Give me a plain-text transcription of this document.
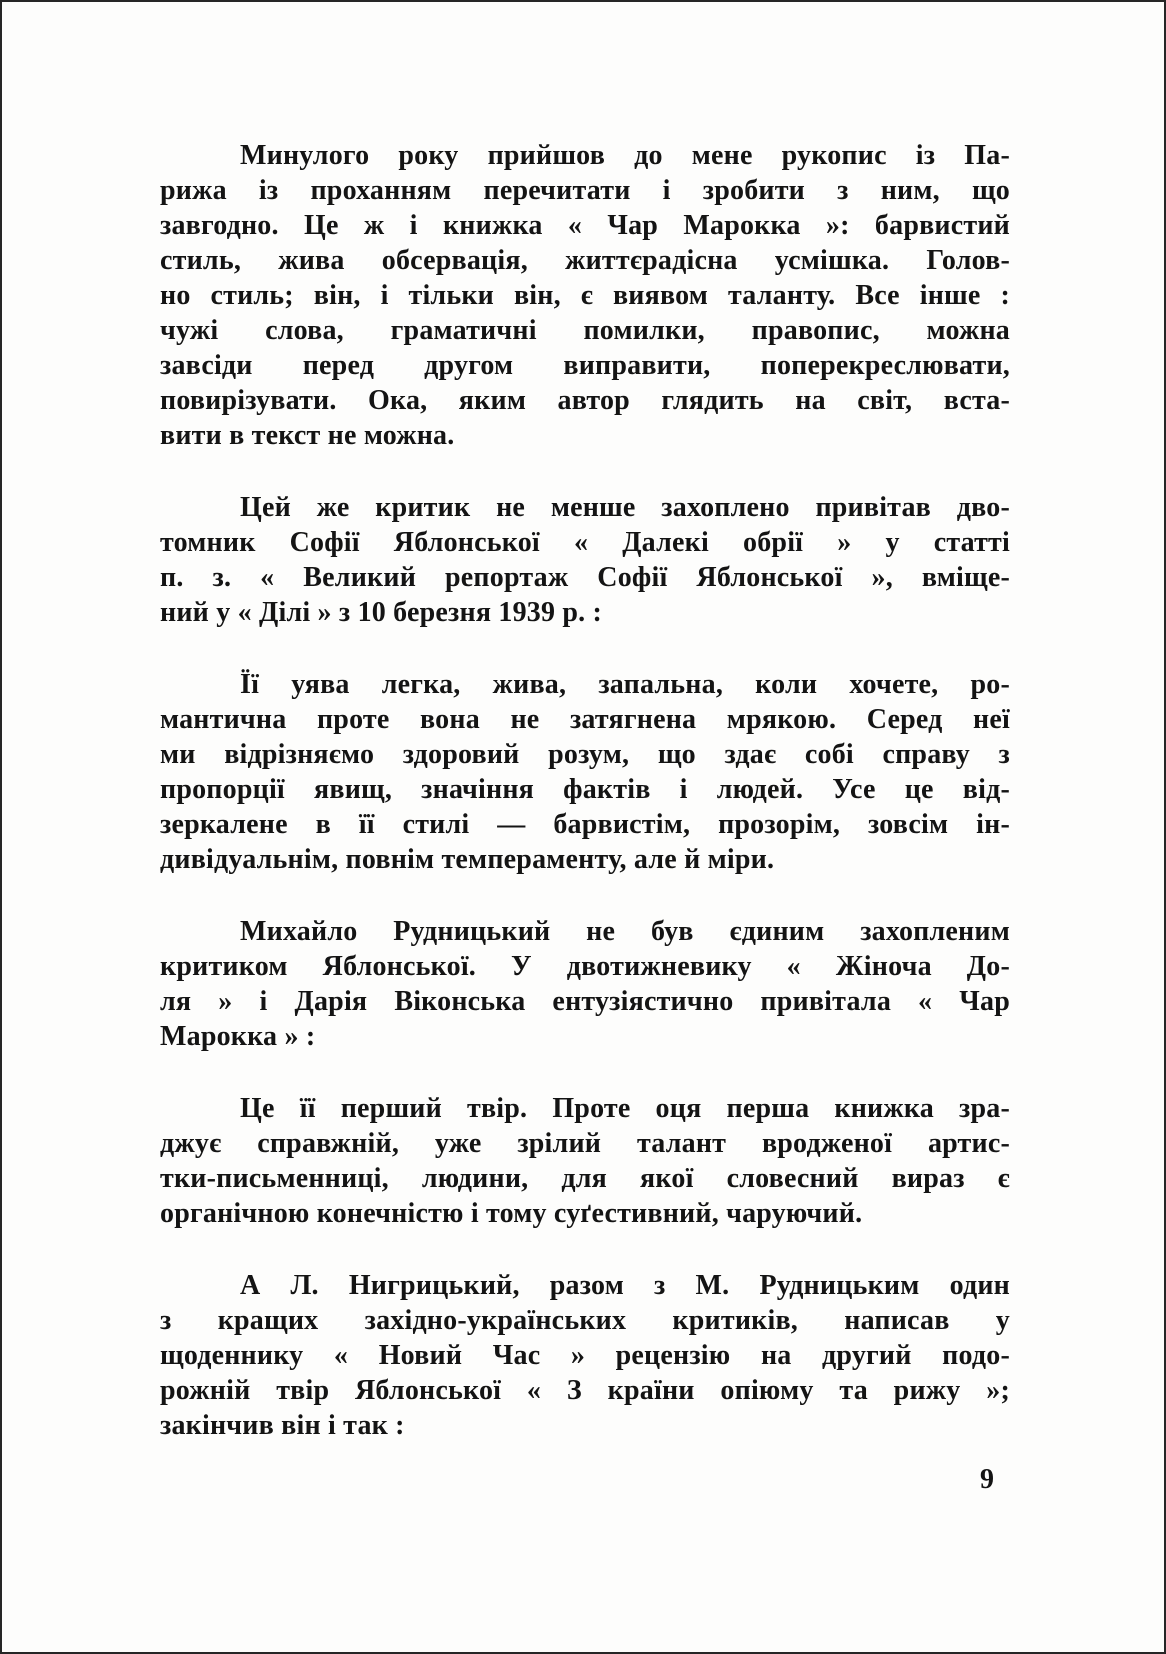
Минулого року прийшов до мене рукопис із Па-
рижа із проханням перечитати і зробити з ним, що
завгодно. Це ж і книжка « Чар Марокка »: барвистий
стиль, жива обсервація, життєрадісна усмішка. Голов-
но стиль; він, і тільки він, є виявом таланту. Все інше :
чужі слова, граматичні помилки, правопис, можна
завсіди перед другом виправити, поперекреслювати,
повирізувати. Ока, яким автор глядить на світ, вста-
вити в текст не можна.

Цей же критик не менше захоплено привітав дво-
томник Софії Яблонської « Далекі обрії » у статті
п. з. « Великий репортаж Софії Яблонської », вміще-
ний у « Ділі » з 10 березня 1939 р. :

Її уява легка, жива, запальна, коли хочете, ро-
мантична проте вона не затягнена мрякою. Серед неї
ми відрізняємо здоровий розум, що здає собі справу з
пропорції явищ, значіння фактів і людей. Усе це від-
зеркалене в її стилі — барвистім, прозорім, зовсім ін-
дивідуальнім, повнім темпераменту, але й міри.

Михайло Рудницький не був єдиним захопленим
критиком Яблонської. У двотижневику « Жіноча До-
ля » і Дарія Віконська ентузіястично привітала « Чар
Марокка » :

Це її перший твір. Проте оця перша книжка зра-
джує справжній, уже зрілий талант вродженої артис-
тки-письменниці, людини, для якої словесний вираз є
органічною конечністю і тому суґестивний, чаруючий.

А Л. Нигрицький, разом з М. Рудницьким один
з кращих західно-українських критиків, написав у
щоденнику « Новий Час » рецензію на другий подо-
рожній твір Яблонської « З країни опіюму та рижу »;
закінчив він і так :

9
